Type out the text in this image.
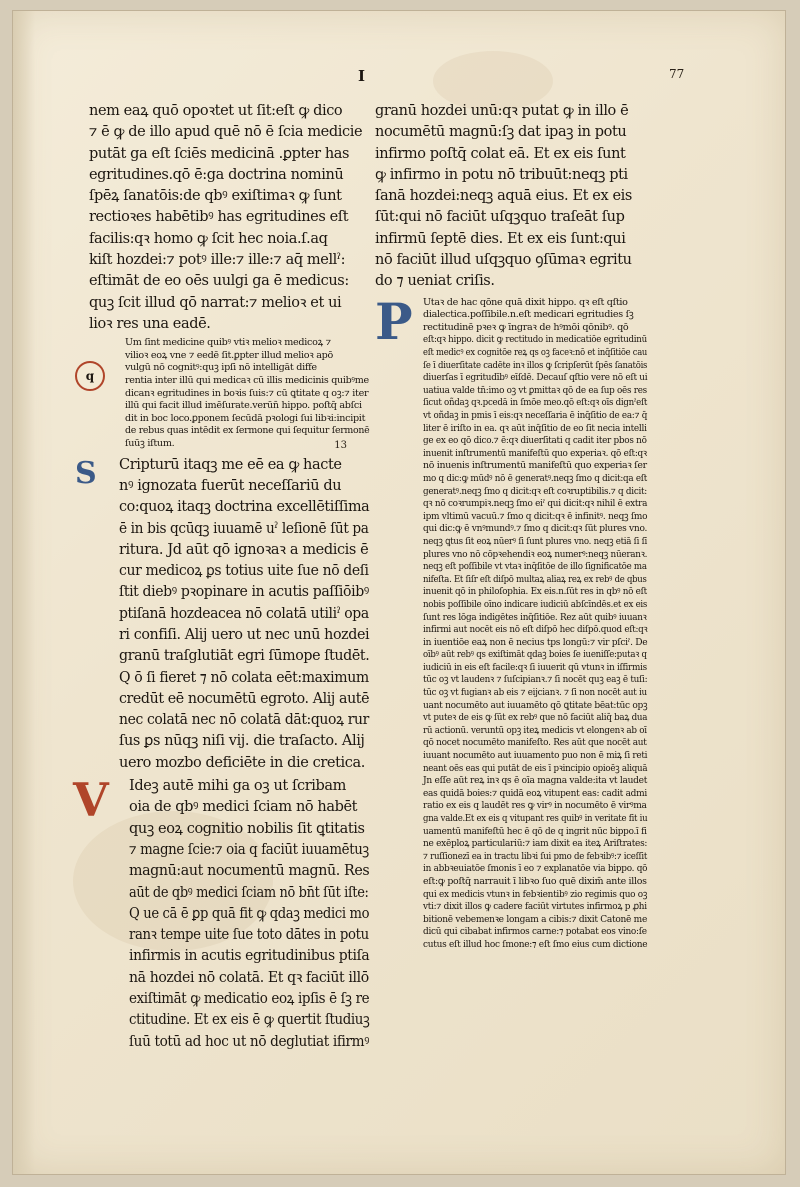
I	77
nem eaꝝ quō opoꝛtet ut ſit:eſt ꝙ dico
⁊ ē ꝙ de illo apud quē nō ē ſcia medicie
putāt ga eſt ſciēs medicinā .ꝑpter has
egritudines.qō ē:ga doctrina nominū
ſpēꝝ ſanatōis:de qbꝰ exiſtimaꝛ ꝙ ſunt
rectioꝛes habētibꝰ has egritudines eſt
facilis:qꝛ homo ꝙ ſcit hec noia.ſ.aq
kiſt hozdei:⁊ potꝰ ille:⁊ ille:⁊ aq̄ mellˀ:
eſtimāt de eo oēs uulgi ga ē medicus:
quꝫ ſcit illud qō narrat:⁊ melioꝛ et ui
lioꝛ res una eadē.
q
Um ſint medicine quibꝰ vtiꝛ melioꝛ medicoꝝ ⁊
vilioꝛ eoꝝ vne ⁊ eedē ſit.ꝑpter illud melioꝛ apō
vulgū nō cognitꝰ:quꝫ ipſi nō intelligāt diffe
rentia inter illū qui medicaꝛ cū illis medicinis quibꝰme
dicanꝛ egritudines in boꝛis ſuis:⁊ cū ꝗtitate q oꝫ:⁊ iter
illū qui facit illud imēſurate.verūn̄ hippo. poſtq̄ abſci
dit in boc loco.ꝑponem ſecūdā pꝛologi ſui libꝛi:incipit
de rebus quas intēdit ex ſermone qui ſequitur ſermonē
ſuūꝫ iſtum.	13
S Cripturū itaqꝫ me eē ea ꝙ hacte
nꝰ ignozata fuerūt neceſſariū du
co:quoꝝ itaqꝫ doctrina excellētiſſima
ē in bis qcūqꝫ iuuamē uˀ leſionē ſūt pa
ritura. Jd aūt qō ignoꝛaꝛ a medicis ē
cur medicoꝝ ꝑs totius uite ſue nō deſi
ſtit diebꝰ pꝛopinare in acutis paſſiōibꝰ
ptiſanā hozdeacea nō colatā utiliˀ opa
ri confiſi. Alij uero ut nec unū hozdei
granū traſglutiāt egri ſūmope ſtudēt.
Q ō ſi fieret ⁊ nō colata eēt:maximum
credūt eē nocumētū egroto. Alij autē
nec colatā nec nō colatā dāt:quoꝝ rur
ſus ꝑs nūqꝫ niſi vij. die traſacto. Alij
uero mozbo deficiēte in die cretica.
V Ideꝫ autē mihi ga oꝫ ut ſcribam
oia de qbꝰ medici ſciam nō habēt
quꝫ eoꝝ cognitio nobilis ſit ꝗtitatis
⁊ magne ſcie:⁊ oia q faciūt iuuamētuꝫ
magnū:aut nocumentū magnū. Res
aūt de qbꝰ medici ſciam nō bn̄t ſūt iſte:
Q ue cā ē ꝑp quā fit ꝙ qdaꝫ medici mo
ranꝛ tempe uite ſue toto dātes in potu
infirmis in acutis egritudinibus ptiſa
nā hozdei nō colatā. Et qꝛ faciūt illō
exiſtimāt ꝙ medicatio eoꝝ ipſis ē ſꝫ re
ctitudine. Et ex eis ē ꝙ quertit ſtudiuꝫ
ſuū totū ad hoc ut nō deglutiat ifirmꝰ
granū hozdei unū:qꝛ putat ꝙ in illo ē
nocumētū magnū:ſꝫ dat ipaꝫ in potu
infirmo poſtq̄ colat eā. Et ex eis ſunt
ꝙ infirmo in potu nō tribuūt:neqꝫ pti
ſanā hozdei:neqꝫ aquā eius. Et ex eis
ſūt:qui nō faciūt uſqꝫquo traſeāt ſup
infirmū ſeptē dies. Et ex eis ſunt:qui
nō faciūt illud uſqꝫquo ꝯſūmaꝛ egritu
do ⁊ ueniat criſis.
P	Utaꝛ de hac qōne quā dixit hippo. qꝛ eſt qſtio
dialectica.poſſibile.n.eſt medicari egritudies ſꝫ
rectitudinē pꝛeꝛ ꝙ īngraꝛ de hꝰmōi qōnibꝰ. qō
eſt:qꝛ hippo. dicit ꝙ rectitudo in medicatiōe egritudinū
eſt medicꝰ ex cognitōe reꝝ qs oꝫ faceꝛ:nō et inq̄ſitiōe cau
ſe ī diuerſitate cadēte inꝛ illos ꝙ ſcripſerūt ſpēs ſanatōis
diuerſas ī egritudībꝰ eīſdē. Decauſ qſtio vere nō eſt ui
uatiua valde tn̄:imo oꝫ vt ꝑmittaꝛ qō de ea ſup oēs res
ſicut oñdaꝫ qꝛ.pcedā in ſmōe meo.qō eſt:qꝛ oīs dignˀeſt
vt oñdaꝫ in pmis ī eis:qꝛ neceſſaria ē inq̄ſitio de ea:⁊ q̄
liter ē iriſto in ea. qꝛ aūt inq̄ſitio de eo ſit necia intelli
ge ex eo qō dico.⁊ ē:qꝛ diuerſitati q cadit iter pbos nō
inuenit inſtrumentū manifeſtū quo experiaꝛ. qō eſt:qꝛ
nō inuenis inſtrumentū manifeſtū quo experiaꝛ ſer
mo q dic:ꝙ mūdꝰ nō ē generatꝰ.neqꝫ ſmo q dicit:qa eſt
generatꝰ.neqꝫ ſmo q dicit:qꝛ eſt coꝛruptibilis.⁊ q dicit:
qꝛ nō coꝛrumpiꝛ.neqꝫ ſmo eiˀ qui dicit:qꝛ nihil ē extra
ipm vltimū vacuū.⁊ ſmo q dicit:qꝛ ē infinitꝰ. neqꝫ ſmo
qui dic:ꝙ ē vnꝰmundꝰ.⁊ ſmo q dicit:qꝛ ſūt plures vno.
neqꝫ ꝗtus ſit eoꝝ nūerꝰ ſi ſunt plures vno. neqꝫ etiā ſi ſī
plures vno nō cōpꝛehendiꝛ eoꝝ numerꝰ:neqꝫ nūeranꝛ.
neqꝫ eſt poſſibile vt vtaꝛ inq̄ſitōe de illo ſignificatōe ma
nifeſta. Et ſiſr eſt diſpō multaꝝ aliaꝝ reꝝ ex rebꝰ de qbus
inuenit qō in philoſophia. Ex eis.n.ſūt res in qbꝰ nō eſt
nobis poſſibile oīno indicare iudiciū abſcīndēs.et ex eis
ſunt res lōga indigētes inq̄ſitiōe. Rez aūt quibꝰ iuuanꝛ
infirmi aut nocēt eis nō eſt diſpō hec diſpō.quod eſt:qꝛ
in iuentiōe eaꝝ non ē necius tps longū:⁊ vir pſciˀ. De
oībꝰ aūt rebꝰ qs exiſtimāt qdaꝫ boies ſe iueniſſe:putaꝛ q
iudiciū in eis eſt facile:qꝛ ſi iuuerit qū vtunꝛ in iſfirmis
tūc oꝫ vt laudenꝛ ⁊ ſuſcipianꝛ.⁊ ſi nocēt quꝫ eaꝫ ē tuſi:
tūc oꝫ vt fugianꝛ ab eis ⁊ eijcianꝛ. ⁊ ſi non nocēt aut iu
uant nocumēto aut iuuamēto qō ꝗtitate bēat:tūc opꝫ
vt puteꝛ de eis ꝙ ſūt ex rebꝰ que nō faciūt aliq̄ baꝝ dua
rū actionū. veruntū opꝫ iteꝝ medicis vt elongenꝛ ab oī
qō nocet nocumēto manifeſto. Res aūt que nocēt aut
iuuant nocumēto aut iuuamento puo non ē miꝝ ſi reti
neant oēs eas qui putāt de eis ī pꝛincipio opioēꝫ aliquā
Jn eſſe aūt reꝝ inꝛ qs ē oīa magna valde:ita vt laudet
eas quidā boies:⁊ quidā eoꝝ vitupent eas: cadit admi
ratio ex eis q laudēt res ꝙ virꝰ in nocumēto ē virꝰma
gna valde.Et ex eis q vitupant res quibꝰ in veritate fit iu
uamentū manifeſtū hec ē qō de q ingrit nūc bippo.ī fi
ne exēploꝝ particulariū:⁊ iam dixit ea iteꝝ Ariſtrates:
⁊ ruſſionezī ea in tractu libꝛi ſui pmo de febꝛibꝰ:⁊ iceſſit
in abbꝛeuiatōe ſmonis ī eo ⁊ explanatōe via bippo. qō
eſt:ꝙ poſtq̄ narrauit ī libꝛo ſuo quē dixim̄ ante illos
qui ex medicis vtunꝛ in febꝛientibꝰ zio regimis quo oꝫ
vti:⁊ dixit illos ꝙ cadere faciūt virtutes infirmoꝝ p ꝓhi
bitionē vebemenꝛe longam a cibis:⁊ dixit Catonē me
dicū qui cibabat infirmos carne:⁊ potabat eos vino:ſe
cutus eſt illud hoc ſmone:⁊ eſt ſmo eius cum dictione
